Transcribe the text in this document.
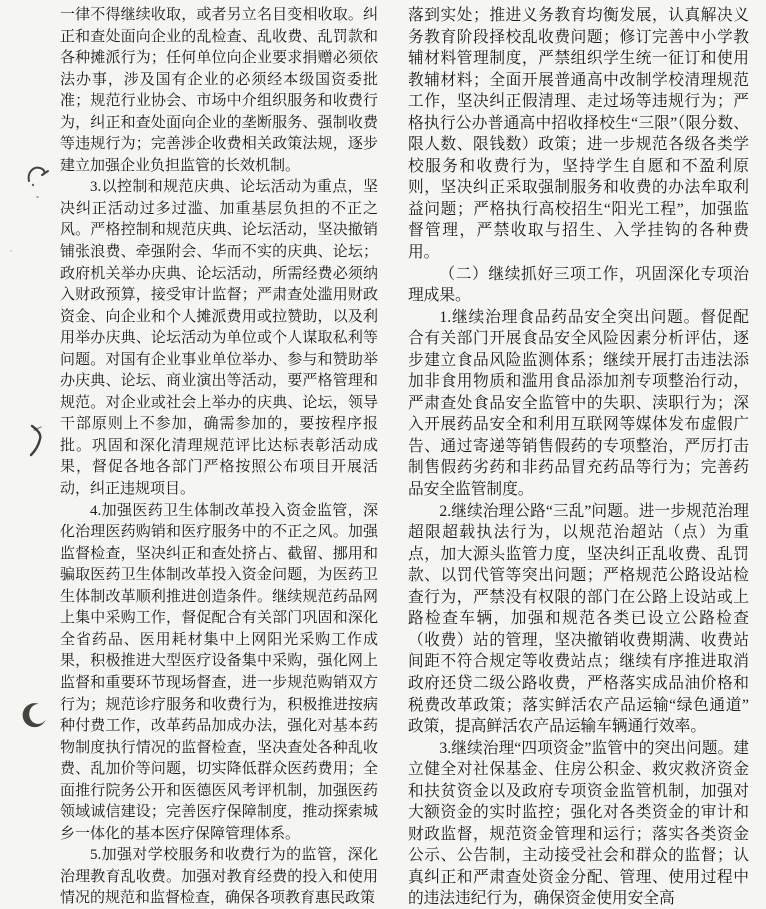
一律不得继续收取，或者另立名目变相收取。纠正和查处面向企业的乱检查、乱收费、乱罚款和各种摊派行为；任何单位向企业要求捐赠必须依法办事，涉及国有企业的必须经本级国资委批准；规范行业协会、市场中介组织服务和收费行为，纠正和查处面向企业的垄断服务、强制收费等违规行为；完善涉企收费相关政策法规，逐步建立加强企业负担监管的长效机制。

3.以控制和规范庆典、论坛活动为重点，坚决纠正活动过多过滥、加重基层负担的不正之风。严格控制和规范庆典、论坛活动，坚决撤销铺张浪费、牵强附会、华而不实的庆典、论坛；政府机关举办庆典、论坛活动，所需经费必须纳入财政预算，接受审计监督；严肃查处滥用财政资金、向企业和个人摊派费用或拉赞助，以及利用举办庆典、论坛活动为单位或个人谋取私利等问题。对国有企业事业单位举办、参与和赞助举办庆典、论坛、商业演出等活动，要严格管理和规范。对企业或社会上举办的庆典、论坛，领导干部原则上不参加，确需参加的，要按程序报批。巩固和深化清理规范评比达标表彰活动成果，督促各地各部门严格按照公布项目开展活动，纠正违规项目。

4.加强医药卫生体制改革投入资金监管，深化治理医药购销和医疗服务中的不正之风。加强监督检查，坚决纠正和查处挤占、截留、挪用和骗取医药卫生体制改革投入资金问题，为医药卫生体制改革顺利推进创造条件。继续规范药品网上集中采购工作，督促配合有关部门巩固和深化全省药品、医用耗材集中上网阳光采购工作成果，积极推进大型医疗设备集中采购，强化网上监督和重要环节现场督查，进一步规范购销双方行为；规范诊疗服务和收费行为，积极推进按病种付费工作，改革药品加成办法，强化对基本药物制度执行情况的监督检查，坚决查处各种乱收费、乱加价等问题，切实降低群众医药费用；全面推行院务公开和医德医风考评机制，加强医药领域诚信建设；完善医疗保障制度，推动探索城乡一体化的基本医疗保障管理体系。

5.加强对学校服务和收费行为的监管，深化治理教育乱收费。加强对教育经费的投入和使用情况的规范和监督检查，确保各项教育惠民政策

落到实处；推进义务教育均衡发展，认真解决义务教育阶段择校乱收费问题；修订完善中小学教辅材料管理制度，严禁组织学生统一征订和使用教辅材料；全面开展普通高中改制学校清理规范工作，坚决纠正假清理、走过场等违规行为；严格执行公办普通高中招收择校生“三限”（限分数、限人数、限钱数）政策；进一步规范各级各类学校服务和收费行为，坚持学生自愿和不盈利原则，坚决纠正采取强制服务和收费的办法牟取利益问题；严格执行高校招生“阳光工程”，加强监督管理，严禁收取与招生、入学挂钩的各种费用。

（二）继续抓好三项工作，巩固深化专项治理成果。

1.继续治理食品药品安全突出问题。督促配合有关部门开展食品安全风险因素分析评估，逐步建立食品风险监测体系；继续开展打击违法添加非食用物质和滥用食品添加剂专项整治行动，严肃查处食品安全监管中的失职、渎职行为；深入开展药品安全和利用互联网等媒体发布虚假广告、通过寄递等销售假药的专项整治，严厉打击制售假药劣药和非药品冒充药品等行为；完善药品安全监管制度。

2.继续治理公路“三乱”问题。进一步规范治理超限超载执法行为，以规范治超站（点）为重点，加大源头监管力度，坚决纠正乱收费、乱罚款、以罚代管等突出问题；严格规范公路设站检查行为，严禁没有权限的部门在公路上设站或上路检查车辆，加强和规范各类已设立公路检查（收费）站的管理，坚决撤销收费期满、收费站间距不符合规定等收费站点；继续有序推进取消政府还贷二级公路收费，严格落实成品油价格和税费改革政策；落实鲜活农产品运输“绿色通道”政策，提高鲜活农产品运输车辆通行效率。

3.继续治理“四项资金”监管中的突出问题。建立健全对社保基金、住房公积金、救灾救济资金和扶贫资金以及政府专项资金监管机制，加强对大额资金的实时监控；强化对各类资金的审计和财政监督，规范资金管理和运行；落实各类资金公示、公告制，主动接受社会和群众的监督；认真纠正和严肃查处资金分配、管理、使用过程中的违法违纪行为，确保资金使用安全高
